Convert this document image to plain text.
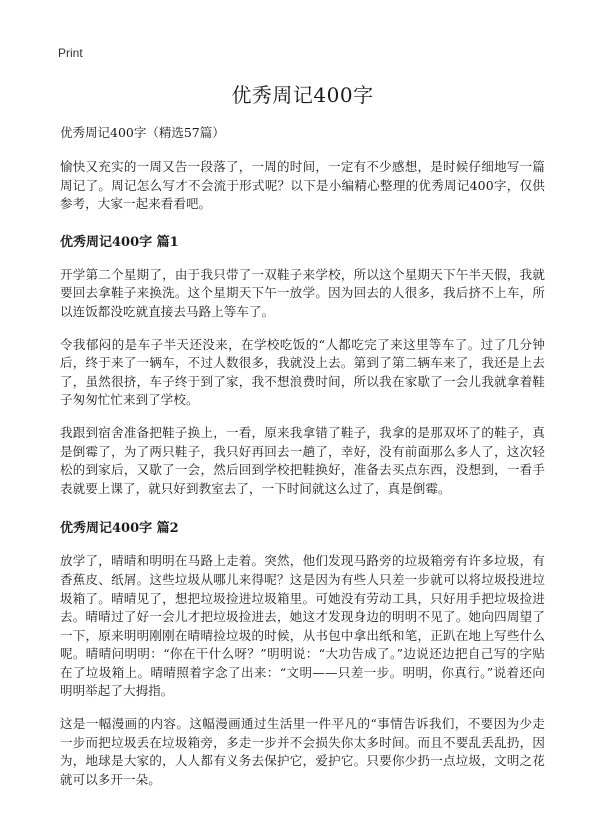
Print
优秀周记400字
优秀周记400字（精选57篇）

愉快又充实的一周又告一段落了，一周的时间，一定有不少感想，是时候仔细地写一篇周记了。周记怎么写才不会流于形式呢？以下是小编精心整理的优秀周记400字，仅供参考，大家一起来看看吧。

优秀周记400字 篇1

开学第二个星期了，由于我只带了一双鞋子来学校，所以这个星期天下午半天假，我就要回去拿鞋子来换洗。这个星期天下午一放学。因为回去的人很多，我后挤不上车，所以连饭都没吃就直接去马路上等车了。

令我郁闷的是车子半天还没来，在学校吃饭的“人都吃完了来这里等车了。过了几分钟后，终于来了一辆车，不过人数很多，我就没上去。第到了第二辆车来了，我还是上去了，虽然很挤，车子终于到了家，我不想浪费时间，所以我在家歇了一会儿我就拿着鞋子匆匆忙忙来到了学校。

我跟到宿舍准备把鞋子换上，一看，原来我拿错了鞋子，我拿的是那双坏了的鞋子，真是倒霉了，为了两只鞋子，我只好再回去一趟了，幸好，没有前面那么多人了，这次轻松的到家后，又歇了一会，然后回到学校把鞋换好，准备去买点东西，没想到，一看手表就要上课了，就只好到教室去了，一下时间就这么过了，真是倒霉。

优秀周记400字 篇2

放学了，晴晴和明明在马路上走着。突然，他们发现马路旁的垃圾箱旁有许多垃圾，有香蕉皮、纸屑。这些垃圾从哪儿来得呢？这是因为有些人只差一步就可以将垃圾投进垃圾箱了。晴晴见了，想把垃圾捡进垃圾箱里。可她没有劳动工具，只好用手把垃圾捡进去。晴晴过了好一会儿才把垃圾捡进去，她这才发现身边的明明不见了。她向四周望了一下，原来明明刚刚在晴晴捡垃圾的时候，从书包中拿出纸和笔，正趴在地上写些什么呢。晴晴问明明：“你在干什么呀？”明明说：“大功告成了。”边说还边把自己写的字贴在了垃圾箱上。晴晴照着字念了出来：“文明——只差一步。明明，你真行。”说着还向明明举起了大拇指。

这是一幅漫画的内容。这幅漫画通过生活里一件平凡的“事情告诉我们，不要因为少走一步而把垃圾丢在垃圾箱旁，多走一步并不会损失你太多时间。而且不要乱丢乱扔，因为，地球是大家的，人人都有义务去保护它，爱护它。只要你少扔一点垃圾，文明之花就可以多开一朵。
